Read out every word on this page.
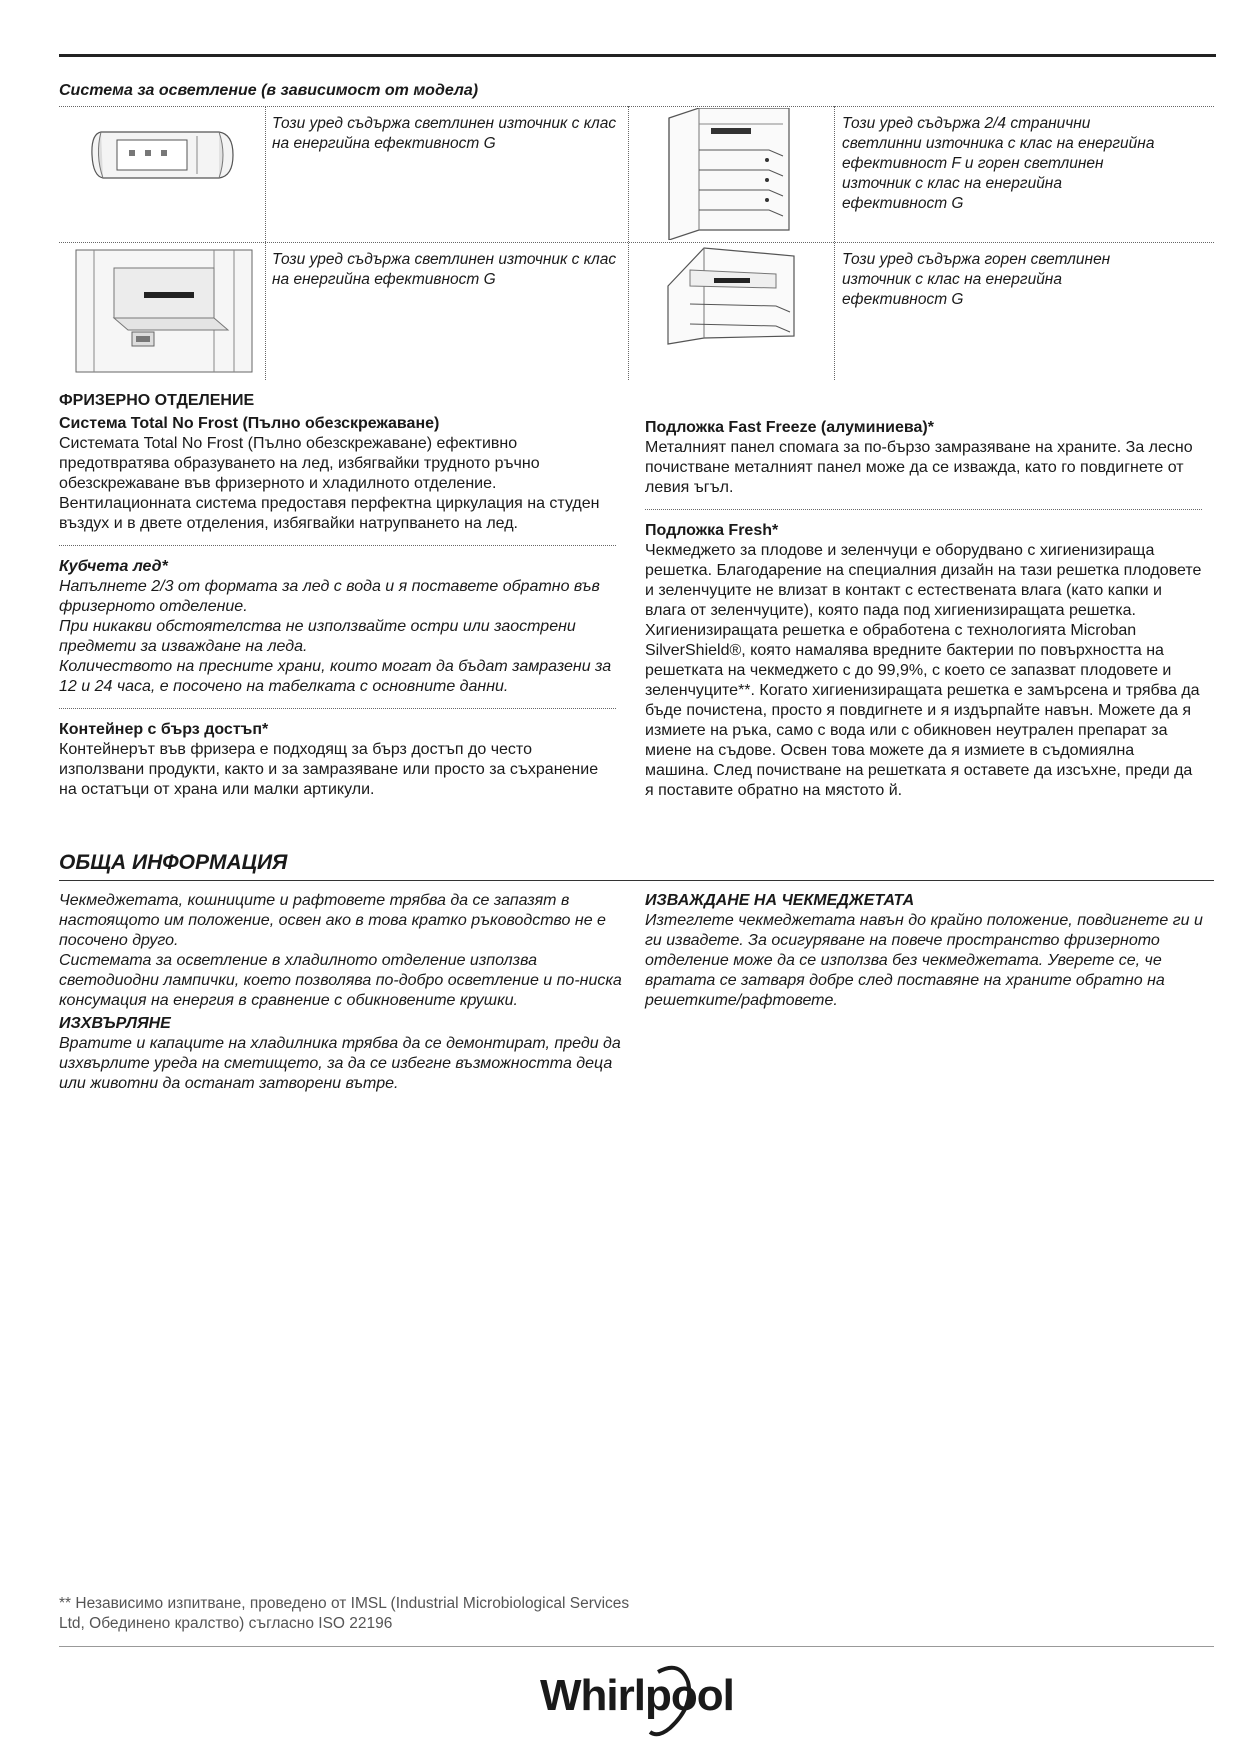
Система за осветление (в зависимост от модела)
Този уред съдържа светлинен източник с клас на енергийна ефективност G
Този уред съдържа 2/4 странични светлинни източника с клас на енергийна ефективност F и горен светлинен източник с клас на енергийна ефективност G
Този уред съдържа светлинен източник с клас на енергийна ефективност G
Този уред съдържа горен светлинен източник с клас на енергийна ефективност G
ФРИЗЕРНО ОТДЕЛЕНИЕ
Система Total No Frost (Пълно обезскрежаване)

Системата Total No Frost (Пълно обезскрежаване) ефективно предотвратява образуването на лед, избягвайки трудното ръчно обезскрежаване във фризерното и хладилното отделение. Вентилационната система предоставя перфектна циркулация на студен въздух и в двете отделения, избягвайки натрупването на лед.

Кубчета лед*

Напълнете 2/3 от формата за лед с вода и я поставете обратно във фризерното отделение.

При никакви обстоятелства не използвайте остри или заострени предмети за изваждане на леда.

Количеството на пресните храни, които могат да бъдат замразени за 12 и 24 часа, е посочено на табелката с основните данни.

Контейнер с бърз достъп*

Контейнерът във фризера е подходящ за бърз достъп до често използвани продукти, както и за замразяване или просто за съхранение на остатъци от храна или малки артикули.

Подложка Fast Freeze (алуминиева)*

Металният панел спомага за по-бързо замразяване на храните. За лесно почистване металният панел може да се изважда, като го повдигнете от левия ъгъл.

Подложка Fresh*

Чекмеджето за плодове и зеленчуци е оборудвано с хигиенизираща решетка. Благодарение на специалния дизайн на тази решетка плодовете и зеленчуците не влизат в контакт с естествената влага (като капки и влага от зеленчуците), която пада под хигиенизиращата решетка. Хигиенизиращата решетка е обработена с технологията Microban SilverShield®, която намалява вредните бактерии по повърхността на решетката на чекмеджето с до 99,9%, с което се запазват плодовете и зеленчуците**. Когато хигиенизиращата решетка е замърсена и трябва да бъде почистена, просто я повдигнете и я издърпайте навън. Можете да я измиете на ръка, само с вода или с обикновен неутрален препарат за миене на съдове. Освен това можете да я измиете в съдомиялна машина. След почистване на решетката я оставете да изсъхне, преди да я поставите обратно на мястото й.

ОБЩА ИНФОРМАЦИЯ

Чекмеджетата, кошниците и рафтовете трябва да се запазят в настоящото им положение, освен ако в това кратко ръководство не е посочено друго.

Системата за осветление в хладилното отделение използва светодиодни лампички, което позволява по-добро осветление и по-ниска консумация на енергия в сравнение с обикновените крушки.

ИЗХВЪРЛЯНЕ

Вратите и капаците на хладилника трябва да се демонтират, преди да изхвърлите уреда на сметището, за да се избегне възможността деца или животни да останат затворени вътре.

ИЗВАЖДАНЕ НА ЧЕКМЕДЖЕТАТА

Изтеглете чекмеджетата навън до крайно положение, повдигнете ги и ги извадете. За осигуряване на повече пространство фризерното отделение може да се използва без чекмеджетата. Уверете се, че вратата се затваря добре след поставяне на храните обратно на решетките/рафтовете.

** Независимо изпитване, проведено от IMSL (Industrial Microbiological Services Ltd, Обединено кралство) съгласно ISO 22196
Whirlpool
